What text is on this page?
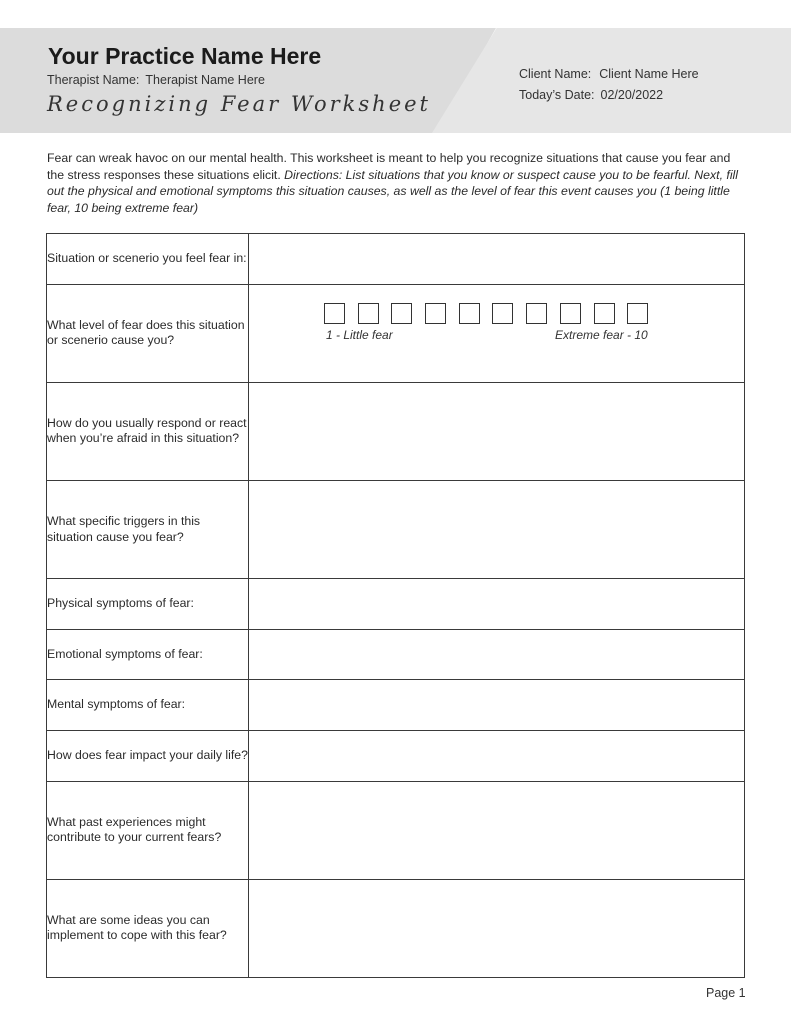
Your Practice Name Here
Therapist Name: Therapist Name Here
Recognizing Fear Worksheet
Client Name: Client Name Here
Today’s Date: 02/20/2022
Fear can wreak havoc on our mental health. This worksheet is meant to help you recognize situations that cause you fear and the stress responses these situations elicit. Directions: List situations that you know or suspect cause you to be fearful. Next, fill out the physical and emotional symptoms this situation causes, as well as the level of fear this event causes you (1 being little fear, 10 being extreme fear)
Situation or scenerio you feel fear in:	
What level of fear does this situation or scenerio cause you?	1 - Little fear Extreme fear - 10

How do you usually respond or react when you’re afraid in this situation?	
What specific triggers in this situation cause you fear?	
Physical symptoms of fear:	
Emotional symptoms of fear:	
Mental symptoms of fear:	
How does fear impact your daily life?	
What past experiences might contribute to your current fears?	
What are some ideas you can implement to cope with this fear?	
Page 1
